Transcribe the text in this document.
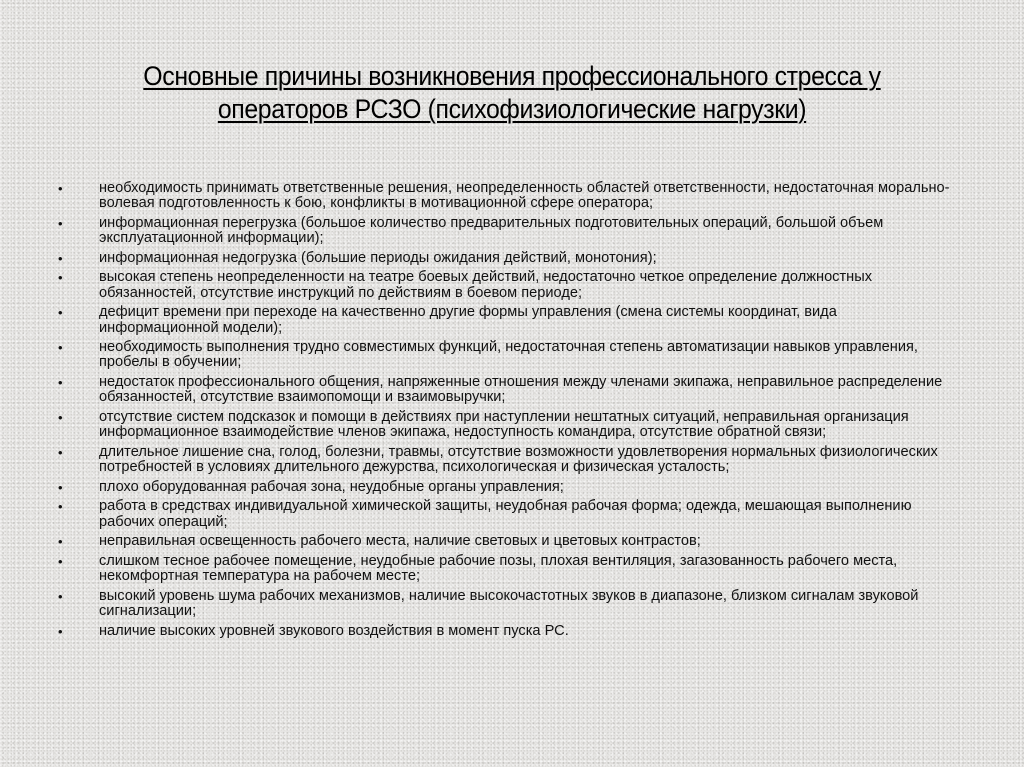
Основные причины возникновения профессионального стресса у операторов РСЗО (психофизиологические нагрузки)
•	необходимость принимать ответственные решения, неопределенность областей ответственности, недостаточная морально-волевая подготовленность к бою, конфликты в мотивационной сфере оператора;
•	информационная перегрузка (большое количество предварительных подготовительных операций, большой объем эксплуатационной информации);
•	информационная недогрузка (большие периоды ожидания действий, монотония);
•	высокая степень неопределенности на театре боевых действий, недостаточно четкое определение должностных обязанностей, отсутствие инструкций по действиям в боевом периоде;
•	дефицит времени при переходе на качественно другие формы управления (смена системы координат, вида информационной модели);
•	необходимость выполнения трудно совместимых функций, недостаточная степень автоматизации навыков управления, пробелы в обучении;
•	недостаток профессионального общения, напряженные отношения между членами экипажа, неправильное распределение обязанностей, отсутствие взаимопомощи и взаимовыручки;
•	отсутствие систем подсказок и помощи в действиях при наступлении нештатных ситуаций, неправильная организация информационное взаимодействие членов экипажа, недоступность командира, отсутствие обратной связи;
•	длительное лишение сна, голод, болезни, травмы, отсутствие возможности удовлетворения нормальных физиологических потребностей в условиях длительного дежурства, психологическая и физическая усталость;
•	плохо оборудованная рабочая зона, неудобные органы управления;
•	работа в средствах индивидуальной химической защиты, неудобная рабочая форма; одежда, мешающая выполнению рабочих операций;
•	неправильная освещенность рабочего места, наличие световых и цветовых контрастов;
•	слишком тесное рабочее помещение, неудобные рабочие позы, плохая вентиляция, загазованность рабочего места, некомфортная температура на рабочем месте;
•	высокий уровень шума рабочих механизмов, наличие высокочастотных звуков в диапазоне, близком сигналам звуковой сигнализации;
•	наличие высоких уровней звукового воздействия в момент пуска РС.
